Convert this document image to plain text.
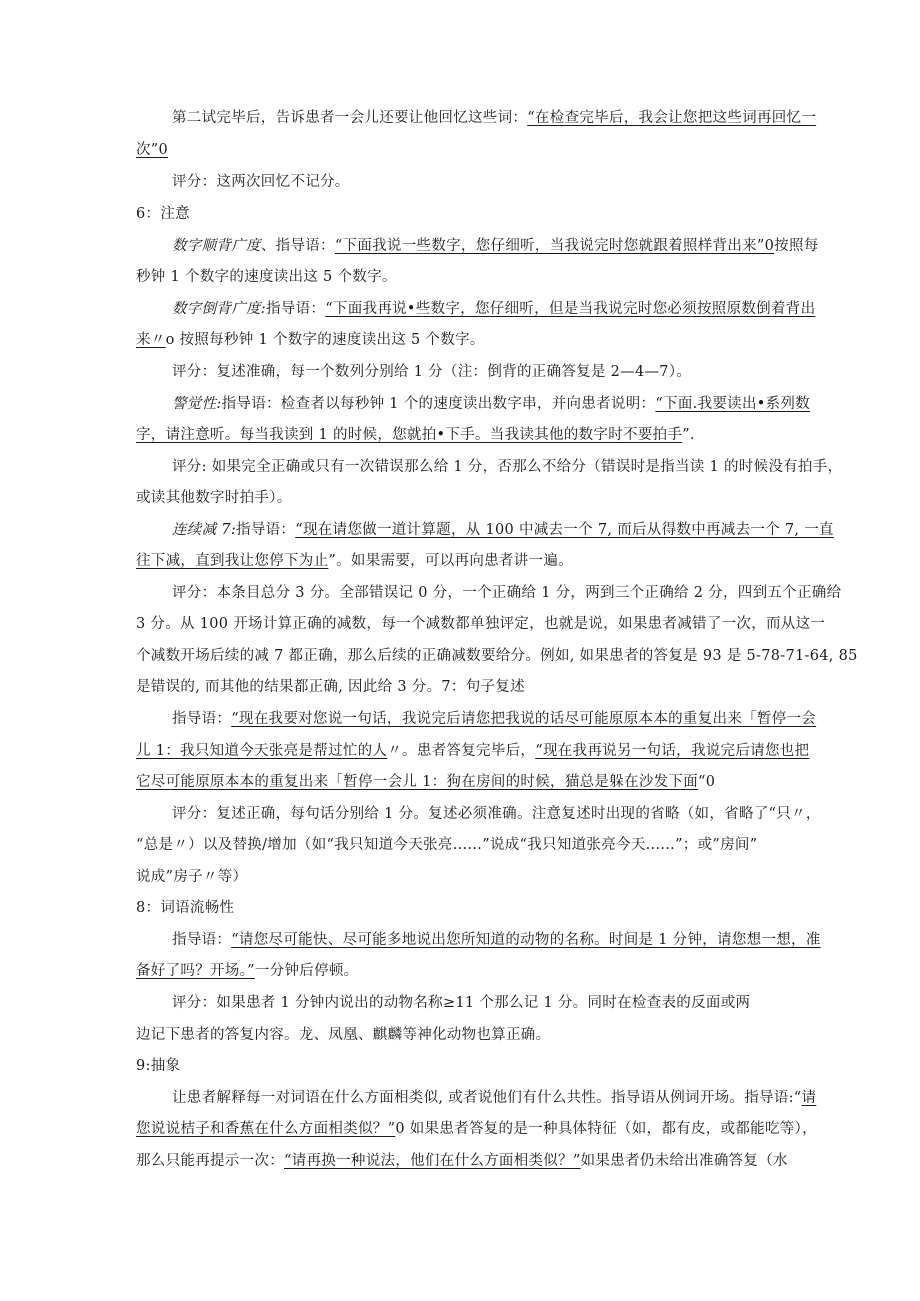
第二试完毕后，告诉患者一会儿还要让他回忆这些词：“在检查完毕后，我会让您把这些词再回忆一
次”0
评分：这两次回忆不记分。
6：注意
数字顺背广度、指导语：“下面我说一些数字，您仔细听，当我说完时您就跟着照样背出来”0按照每
秒钟 1 个数字的速度读出这 5 个数字。
数字倒背广度:指导语：“下面我再说•些数字，您仔细听，但是当我说完时您必须按照原数倒着背出
来〃o 按照每秒钟 1 个数字的速度读出这 5 个数字。
评分：复述准确，每一个数列分别给 1 分（注：倒背的正确答复是 2—4—7）。
警觉性:指导语：检查者以每秒钟 1 个的速度读出数字串，并向患者说明：“下面.我要读出•系列数
字，请注意听。每当我读到 1 的时候，您就拍•下手。当我读其他的数字时不要拍手”.
评分: 如果完全正确或只有一次错误那么给 1 分，否那么不给分（错误时是指当读 1 的时候没有拍手，
或读其他数字时拍手）。
连续减 7:指导语：“现在请您做一道计算题，从 100 中减去一个 7, 而后从得数中再减去一个 7, 一直
往下减，直到我让您停下为止”。如果需要，可以再向患者讲一遍。
评分：本条目总分 3 分。全部错误记 0 分，一个正确给 1 分，两到三个正确给 2 分，四到五个正确给
3 分。从 100 开场计算正确的减数，每一个减数都单独评定，也就是说，如果患者减错了一次，而从这一
个减数开场后续的减 7 都正确，那么后续的正确减数要给分。例如, 如果患者的答复是 93 是 5-78-71-64, 85
是错误的, 而其他的结果都正确, 因此给 3 分。7：句子复述
指导语：“现在我要对您说一句话，我说完后请您把我说的话尽可能原原本本的重复出来「暂停一会
儿 1：我只知道今天张亮是帮过忙的人〃。患者答复完毕后，“现在我再说另一句话，我说完后请您也把
它尽可能原原本本的重复出来「暂停一会儿 1：狗在房间的时候，猫总是躲在沙发下面“0
评分：复述正确，每句话分别给 1 分。复述必须准确。注意复述时出现的省略（如，省略了“只〃，
“总是〃）以及替换/增加（如“我只知道今天张亮……”说成“我只知道张亮今天......”；或”房间”
说成”房子〃等）
8：词语流畅性
指导语：“请您尽可能快、尽可能多地说出您所知道的动物的名称。时间是 1 分钟，请您想一想，准
备好了吗？开场。”一分钟后停顿。
评分：如果患者 1 分钟内说出的动物名称≥11 个那么记 1 分。同时在检查表的反面或两
边记下患者的答复内容。龙、凤凰、麒麟等神化动物也算正确。
9:抽象
让患者解释每一对词语在什么方面相类似, 或者说他们有什么共性。指导语从例词开场。指导语:“请
您说说桔子和香蕉在什么方面相类似？”0 如果患者答复的是一种具体特征（如，都有皮，或都能吃等），
那么只能再提示一次：“请再换一种说法，他们在什么方面相类似？”如果患者仍未给出准确答复（水
